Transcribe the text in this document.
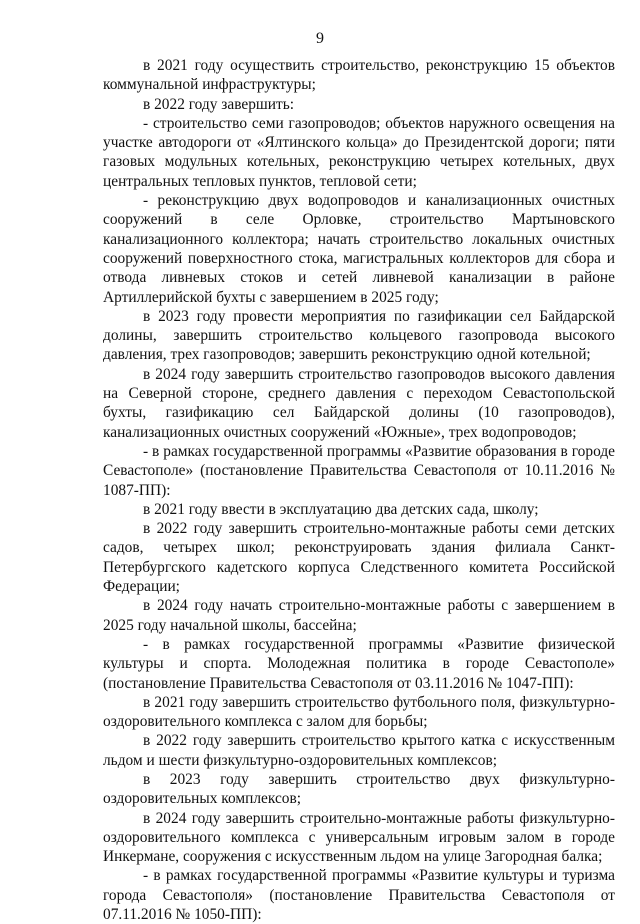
9

в 2021 году осуществить строительство, реконструкцию 15 объектов коммунальной инфраструктуры;

в 2022 году завершить:

- строительство семи газопроводов; объектов наружного освещения на участке автодороги от «Ялтинского кольца» до Президентской дороги; пяти газовых модульных котельных, реконструкцию четырех котельных, двух центральных тепловых пунктов, тепловой сети;

- реконструкцию двух водопроводов и канализационных очистных сооружений в селе Орловке, строительство Мартыновского канализационного коллектора; начать строительство локальных очистных сооружений поверхностного стока, магистральных коллекторов для сбора и отвода ливневых стоков и сетей ливневой канализации в районе Артиллерийской бухты с завершением в 2025 году;

в 2023 году провести мероприятия по газификации сел Байдарской долины, завершить строительство кольцевого газопровода высокого давления, трех газопроводов; завершить реконструкцию одной котельной;

в 2024 году завершить строительство газопроводов высокого давления на Северной стороне, среднего давления с переходом Севастопольской бухты, газификацию сел Байдарской долины (10 газопроводов), канализационных очистных сооружений «Южные», трех водопроводов;

- в рамках государственной программы «Развитие образования в городе Севастополе» (постановление Правительства Севастополя от 10.11.2016 № 1087-ПП):

в 2021 году ввести в эксплуатацию два детских сада, школу;

в 2022 году завершить строительно-монтажные работы семи детских садов, четырех школ; реконструировать здания филиала Санкт-Петербургского кадетского корпуса Следственного комитета Российской Федерации;

в 2024 году начать строительно-монтажные работы с завершением в 2025 году начальной школы, бассейна;

- в рамках государственной программы «Развитие физической культуры и спорта. Молодежная политика в городе Севастополе» (постановление Правительства Севастополя от 03.11.2016 № 1047-ПП):

в 2021 году завершить строительство футбольного поля, физкультурно-оздоровительного комплекса с залом для борьбы;

в 2022 году завершить строительство крытого катка с искусственным льдом и шести физкультурно-оздоровительных комплексов;

в 2023 году завершить строительство двух физкультурно-оздоровительных комплексов;

в 2024 году завершить строительно-монтажные работы физкультурно-оздоровительного комплекса с универсальным игровым залом в городе Инкермане, сооружения с искусственным льдом на улице Загородная балка;

- в рамках государственной программы «Развитие культуры и туризма города Севастополя» (постановление Правительства Севастополя от 07.11.2016 № 1050-ПП):
